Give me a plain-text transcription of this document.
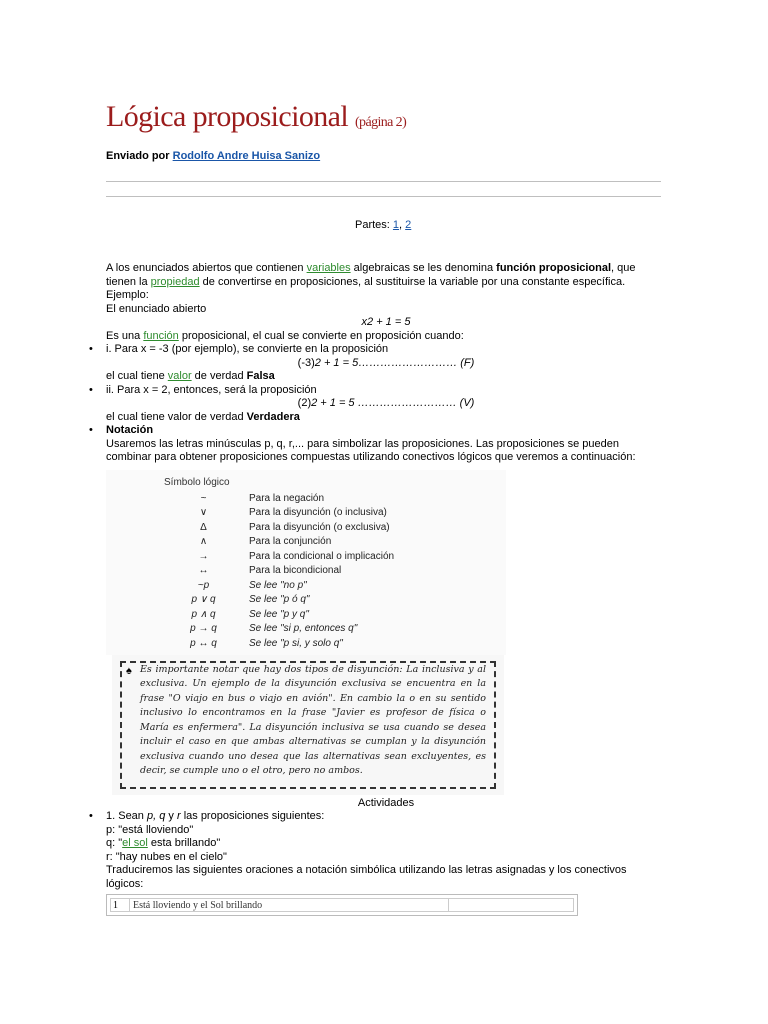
Lógica proposicional (página 2)
Enviado por Rodolfo Andre Huisa Sanizo
Partes: 1, 2

A los enunciados abiertos que contienen variables algebraicas se les denomina función proposicional, que tienen la propiedad de convertirse en proposiciones, al sustituirse la variable por una constante específica.

Ejemplo:

El enunciado abierto

x2 + 1 = 5

Es una función proposicional, el cual se convierte en proposición cuando:

• i. Para x = -3 (por ejemplo), se convierte en la proposición

(-3)2 + 1 = 5……………………… (F)

el cual tiene valor de verdad Falsa

• ii. Para x = 2, entonces, será la proposición

(2)2 + 1 = 5 ……………………… (V)

el cual tiene valor de verdad Verdadera

• Notación

Usaremos las letras minúsculas p, q, r,... para simbolizar las proposiciones. Las proposiciones se pueden combinar para obtener proposiciones compuestas utilizando conectivos lógicos que veremos a continuación:

Símbolo lógico
~	Para la negación
∨	Para la disyunción (o inclusiva)
Δ	Para la disyunción (o exclusiva)
∧	Para la conjunción
→	Para la condicional o implicación
↔	Para la bicondicional
~p	Se lee "no p"
p ∨ q	Se lee "p ó q"
p ∧ q	Se lee "p y q"
p → q	Se lee "si p, entonces q"
p ↔ q	Se lee "p si, y solo q"
♠ Es importante notar que hay dos tipos de disyunción: La inclusiva y al exclusiva. Un ejemplo de la disyunción exclusiva se encuentra en la frase "O viajo en bus o viajo en avión". En cambio la o en su sentido inclusivo lo encontramos en la frase "Javier es profesor de física o María es enfermera". La disyunción inclusiva se usa cuando se desea incluir el caso en que ambas alternativas se cumplan y la disyunción exclusiva cuando uno desea que las alternativas sean excluyentes, es decir, se cumple uno o el otro, pero no ambos.

Actividades

• 1. Sean p, q y r las proposiciones siguientes:

p: "está lloviendo"

q: "el sol esta brillando"

r: "hay nubes en el cielo"

Traduciremos las siguientes oraciones a notación simbólica utilizando las letras asignadas y los conectivos lógicos:

1	Está lloviendo y el Sol brillando
